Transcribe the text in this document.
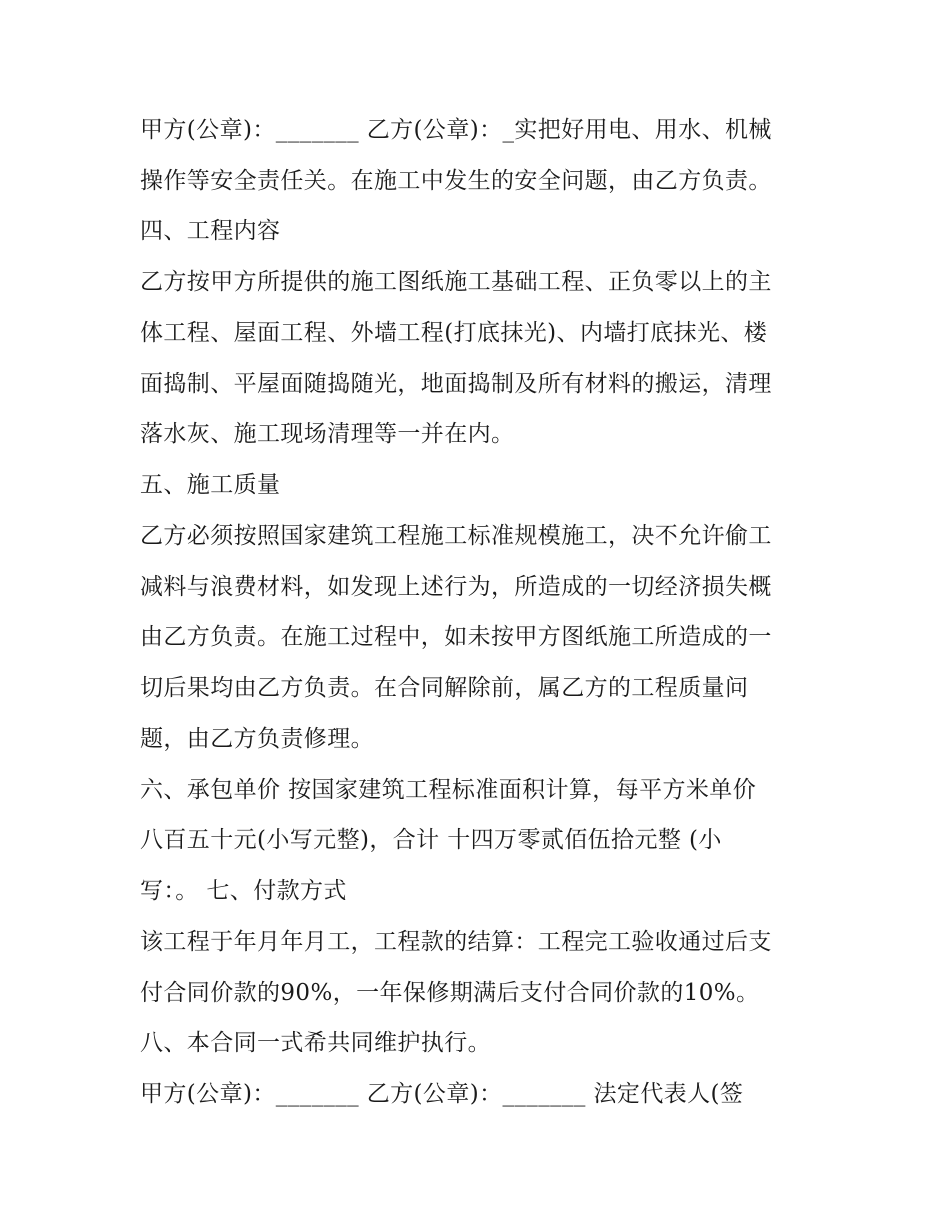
甲方(公章)：_______ 乙方(公章)：_实把好用电、用水、机械

操作等安全责任关。在施工中发生的安全问题，由乙方负责。

四、工程内容

乙方按甲方所提供的施工图纸施工基础工程、正负零以上的主

体工程、屋面工程、外墙工程(打底抹光)、内墙打底抹光、楼

面捣制、平屋面随捣随光，地面捣制及所有材料的搬运，清理

落水灰、施工现场清理等一并在内。

五、施工质量

乙方必须按照国家建筑工程施工标准规模施工，决不允许偷工

减料与浪费材料，如发现上述行为，所造成的一切经济损失概

由乙方负责。在施工过程中，如未按甲方图纸施工所造成的一

切后果均由乙方负责。在合同解除前，属乙方的工程质量问

题，由乙方负责修理。

六、承包单价 按国家建筑工程标准面积计算，每平方米单价

八百五十元(小写元整)，合计 十四万零贰佰伍拾元整 (小

写：。 七、付款方式

该工程于年月年月工，工程款的结算：工程完工验收通过后支

付合同价款的90%，一年保修期满后支付合同价款的10%。

八、本合同一式希共同维护执行。

甲方(公章)：_______ 乙方(公章)：_______ 法定代表人(签
